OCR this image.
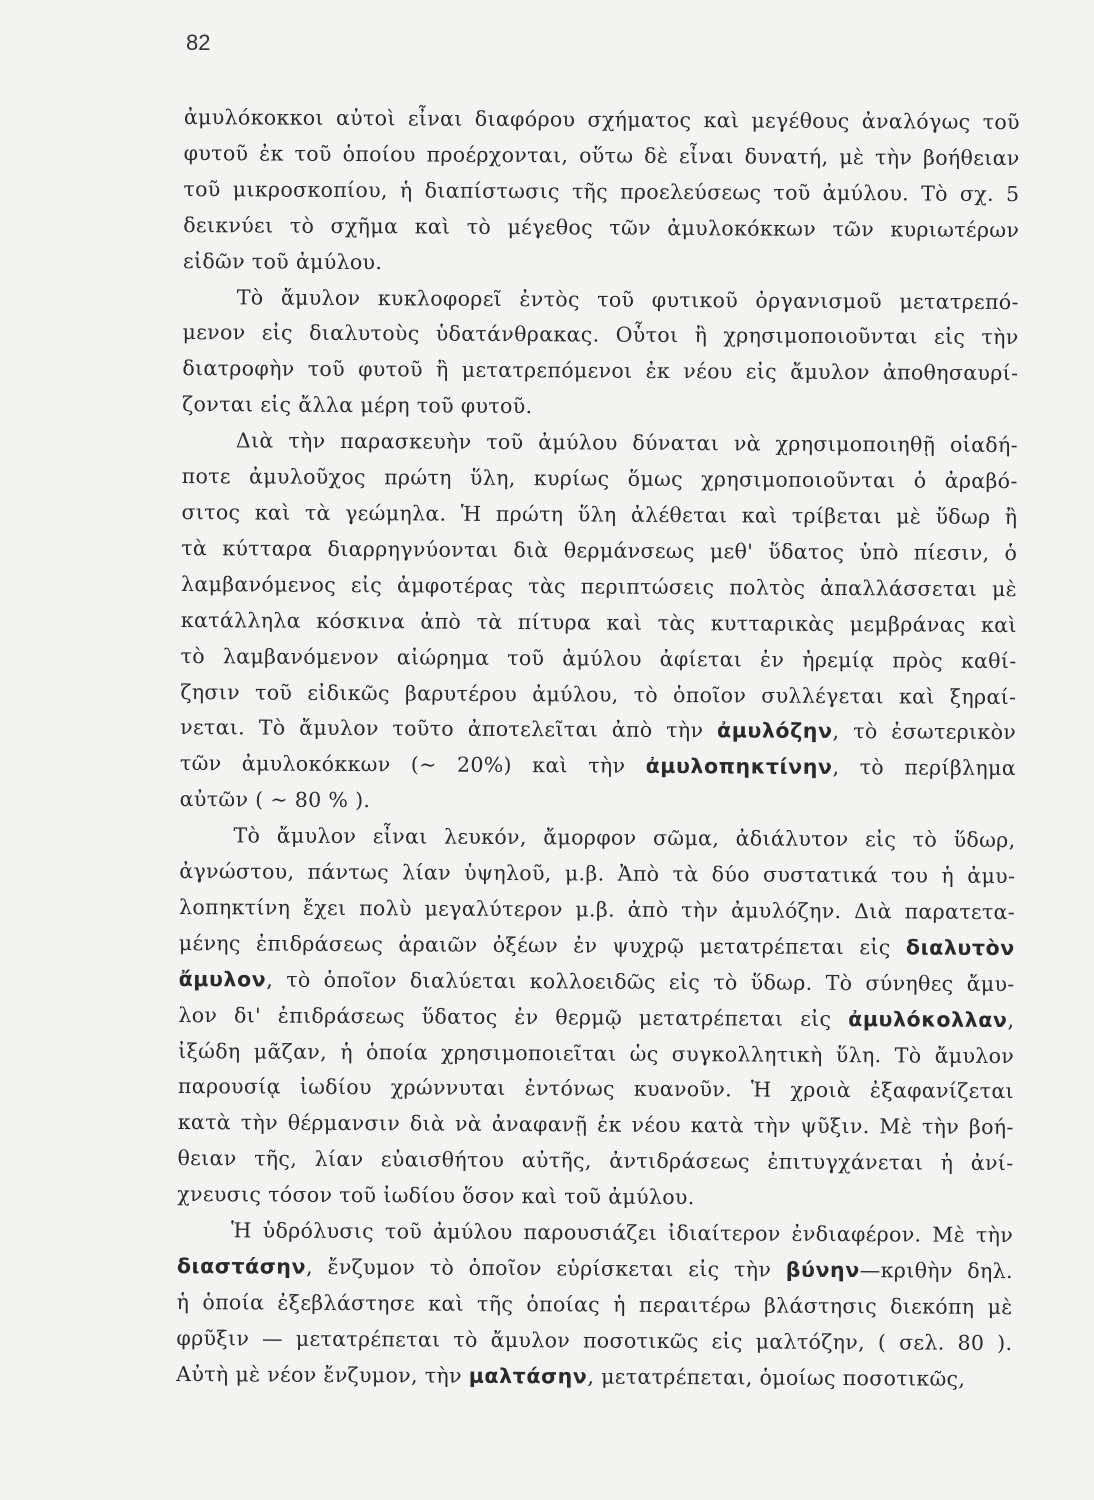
82
ἀμυλόκοκκοι αὐτοὶ εἶναι διαφόρου σχήματος καὶ μεγέθους ἀναλόγως τοῦ
φυτοῦ ἐκ τοῦ ὁποίου προέρχονται, οὕτω δὲ εἶναι δυνατή, μὲ τὴν βοήθειαν
τοῦ μικροσκοπίου, ἡ διαπίστωσις τῆς προελεύσεως τοῦ ἀμύλου. Τὸ σχ. 5
δεικνύει τὸ σχῆμα καὶ τὸ μέγεθος τῶν ἀμυλοκόκκων τῶν κυριωτέρων
εἰδῶν τοῦ ἀμύλου.
Τὸ ἄμυλον κυκλοφορεῖ ἐντὸς τοῦ φυτικοῦ ὀργανισμοῦ μετατρεπό-
μενον εἰς διαλυτοὺς ὑδατάνθρακας. Οὗτοι ἢ χρησιμοποιοῦνται εἰς τὴν
διατροφὴν τοῦ φυτοῦ ἢ μετατρεπόμενοι ἐκ νέου εἰς ἄμυλον ἀποθησαυρί-
ζονται εἰς ἄλλα μέρη τοῦ φυτοῦ.
Διὰ τὴν παρασκευὴν τοῦ ἀμύλου δύναται νὰ χρησιμοποιηθῇ οἱαδή-
ποτε ἀμυλοῦχος πρώτη ὕλη, κυρίως ὅμως χρησιμοποιοῦνται ὁ ἀραβό-
σιτος καὶ τὰ γεώμηλα. Ἡ πρώτη ὕλη ἀλέθεται καὶ τρίβεται μὲ ὕδωρ ἢ
τὰ κύτταρα διαρρηγνύονται διὰ θερμάνσεως μεθ' ὕδατος ὑπὸ πίεσιν, ὁ
λαμβανόμενος εἰς ἀμφοτέρας τὰς περιπτώσεις πολτὸς ἀπαλλάσσεται μὲ
κατάλληλα κόσκινα ἀπὸ τὰ πίτυρα καὶ τὰς κυτταρικὰς μεμβράνας καὶ
τὸ λαμβανόμενον αἰώρημα τοῦ ἀμύλου ἀφίεται ἐν ἠρεμίᾳ πρὸς καθί-
ζησιν τοῦ εἰδικῶς βαρυτέρου ἀμύλου, τὸ ὁποῖον συλλέγεται καὶ ξηραί-
νεται. Τὸ ἄμυλον τοῦτο ἀποτελεῖται ἀπὸ τὴν ἀμυλόζην, τὸ ἐσωτερικὸν
τῶν ἀμυλοκόκκων (~ 20%) καὶ τὴν ἀμυλοπηκτίνην, τὸ περίβλημα
αὐτῶν ( ~ 80 % ).
Τὸ ἄμυλον εἶναι λευκόν, ἄμορφον σῶμα, ἀδιάλυτον εἰς τὸ ὕδωρ,
ἀγνώστου, πάντως λίαν ὑψηλοῦ, μ.β. Ἀπὸ τὰ δύο συστατικά του ἡ ἀμυ-
λοπηκτίνη ἔχει πολὺ μεγαλύτερον μ.β. ἀπὸ τὴν ἀμυλόζην. Διὰ παρατετα-
μένης ἐπιδράσεως ἀραιῶν ὀξέων ἐν ψυχρῷ μετατρέπεται εἰς διαλυτὸν
ἄμυλον, τὸ ὁποῖον διαλύεται κολλοειδῶς εἰς τὸ ὕδωρ. Τὸ σύνηθες ἄμυ-
λον δι' ἐπιδράσεως ὕδατος ἐν θερμῷ μετατρέπεται εἰς ἀμυλόκολλαν,
ἰξώδη μᾶζαν, ἡ ὁποία χρησιμοποιεῖται ὡς συγκολλητικὴ ὕλη. Τὸ ἄμυλον
παρουσίᾳ ἰωδίου χρώννυται ἐντόνως κυανοῦν. Ἡ χροιὰ ἐξαφανίζεται
κατὰ τὴν θέρμανσιν διὰ νὰ ἀναφανῇ ἐκ νέου κατὰ τὴν ψῦξιν. Μὲ τὴν βοή-
θειαν τῆς, λίαν εὐαισθήτου αὐτῆς, ἀντιδράσεως ἐπιτυγχάνεται ἡ ἀνί-
χνευσις τόσον τοῦ ἰωδίου ὅσον καὶ τοῦ ἀμύλου.
Ἡ ὑδρόλυσις τοῦ ἀμύλου παρουσιάζει ἰδιαίτερον ἐνδιαφέρον. Μὲ τὴν
διαστάσην, ἔνζυμον τὸ ὁποῖον εὑρίσκεται εἰς τὴν βύνην—κριθὴν δηλ.
ἡ ὁποία ἐξεβλάστησε καὶ τῆς ὁποίας ἡ περαιτέρω βλάστησις διεκόπη μὲ
φρῦξιν — μετατρέπεται τὸ ἄμυλον ποσοτικῶς εἰς μαλτόζην, ( σελ. 80 ).
Αὐτὴ μὲ νέον ἔνζυμον, τὴν μαλτάσην, μετατρέπεται, ὁμοίως ποσοτικῶς,
